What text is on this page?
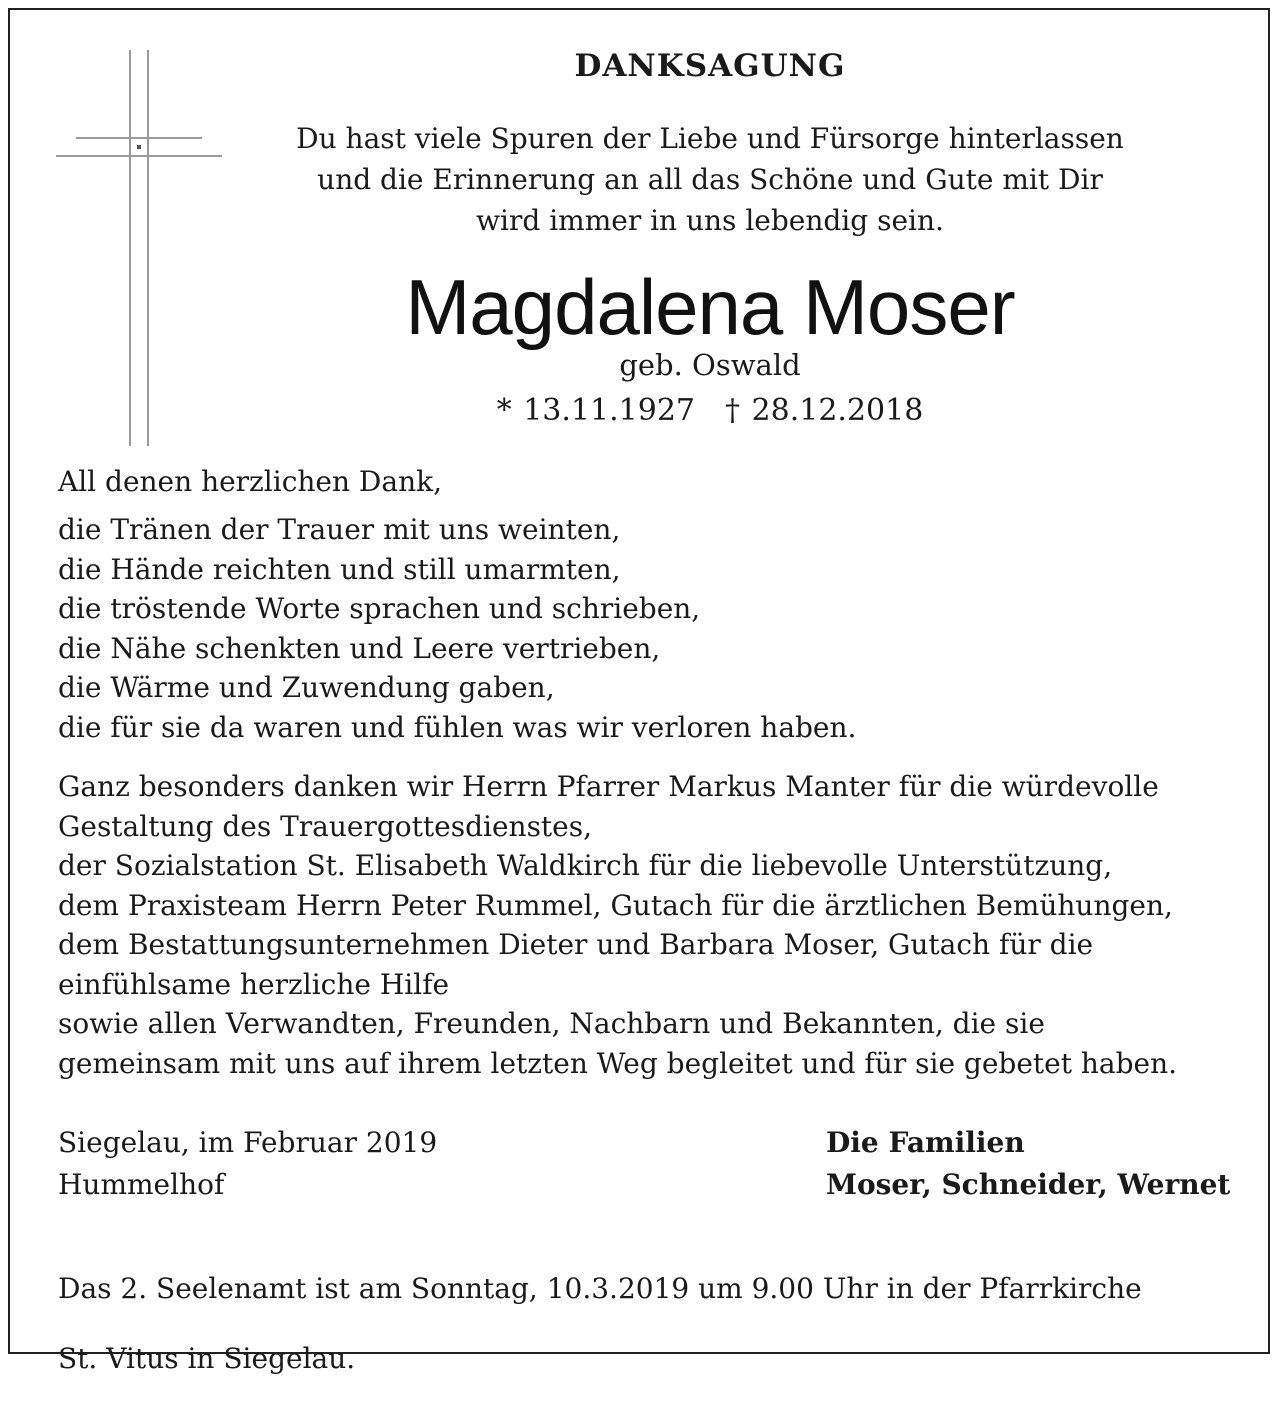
DANKSAGUNG
Du hast viele Spuren der Liebe und Fürsorge hinterlassen
und die Erinnerung an all das Schöne und Gute mit Dir
wird immer in uns lebendig sein.
Magdalena Moser
geb. Oswald
* 13.11.1927 † 28.12.2018

All denen herzlichen Dank,

die Tränen der Trauer mit uns weinten,

die Hände reichten und still umarmten,

die tröstende Worte sprachen und schrieben,

die Nähe schenkten und Leere vertrieben,

die Wärme und Zuwendung gaben,

die für sie da waren und fühlen was wir verloren haben.

Ganz besonders danken wir Herrn Pfarrer Markus Manter für die würdevolle

Gestaltung des Trauergottesdienstes,

der Sozialstation St. Elisabeth Waldkirch für die liebevolle Unterstützung,

dem Praxisteam Herrn Peter Rummel, Gutach für die ärztlichen Bemühungen,

dem Bestattungsunternehmen Dieter und Barbara Moser, Gutach für die

einfühlsame herzliche Hilfe

sowie allen Verwandten, Freunden, Nachbarn und Bekannten, die sie

gemeinsam mit uns auf ihrem letzten Weg begleitet und für sie gebetet haben.

Siegelau, im Februar 2019

Hummelhof

Die Familien

Moser, Schneider, Wernet

Das 2. Seelenamt ist am Sonntag, 10.3.2019 um 9.00 Uhr in der Pfarrkirche

St. Vitus in Siegelau.
